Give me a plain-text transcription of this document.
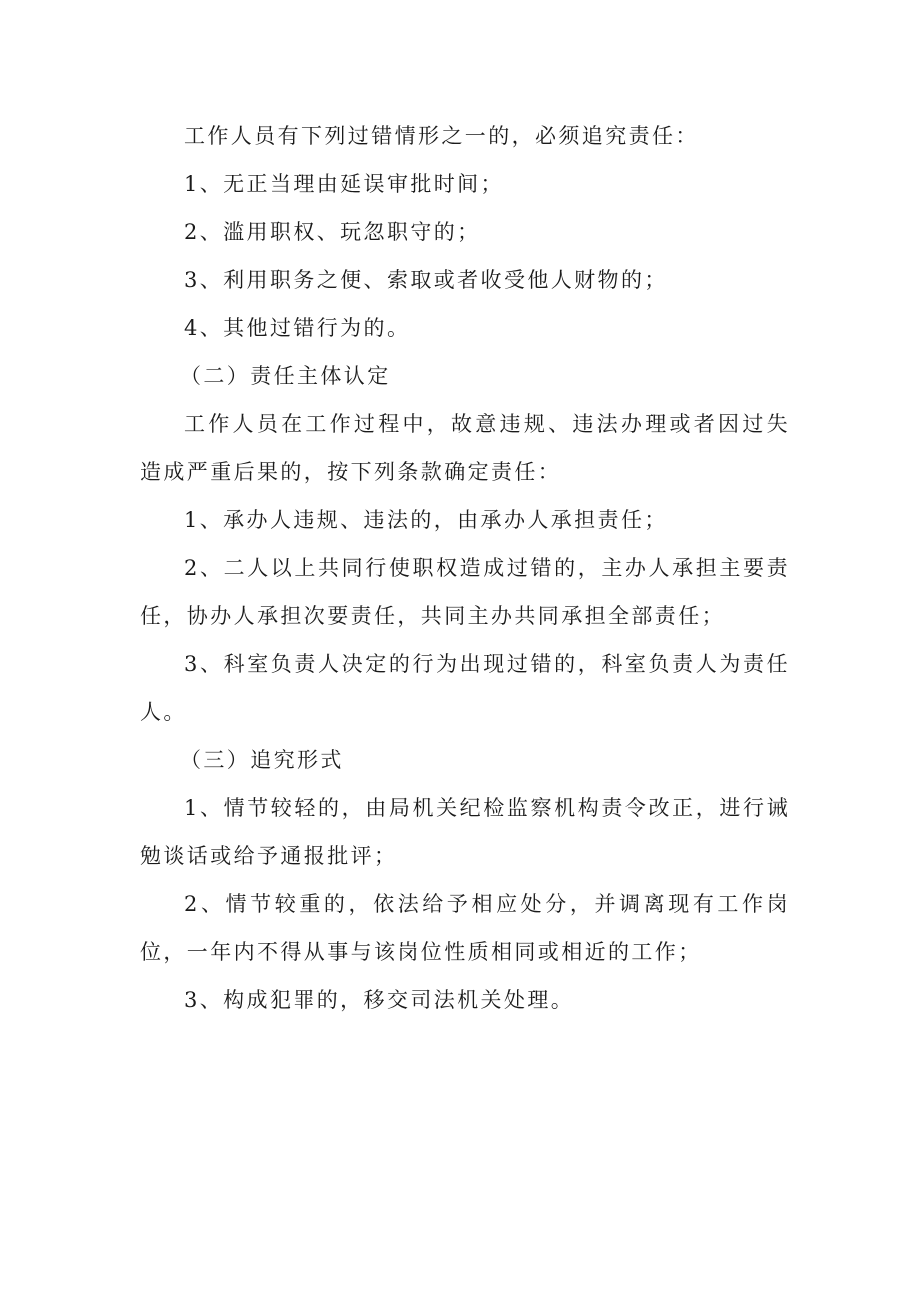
工作人员有下列过错情形之一的，必须追究责任：

1、无正当理由延误审批时间；

2、滥用职权、玩忽职守的；

3、利用职务之便、索取或者收受他人财物的；

4、其他过错行为的。

（二）责任主体认定

工作人员在工作过程中，故意违规、违法办理或者因过失造成严重后果的，按下列条款确定责任：

1、承办人违规、违法的，由承办人承担责任；

2、二人以上共同行使职权造成过错的，主办人承担主要责任，协办人承担次要责任，共同主办共同承担全部责任；

3、科室负责人决定的行为出现过错的，科室负责人为责任人。

（三）追究形式

1、情节较轻的，由局机关纪检监察机构责令改正，进行诫勉谈话或给予通报批评；

2、情节较重的，依法给予相应处分，并调离现有工作岗位，一年内不得从事与该岗位性质相同或相近的工作；

3、构成犯罪的，移交司法机关处理。
